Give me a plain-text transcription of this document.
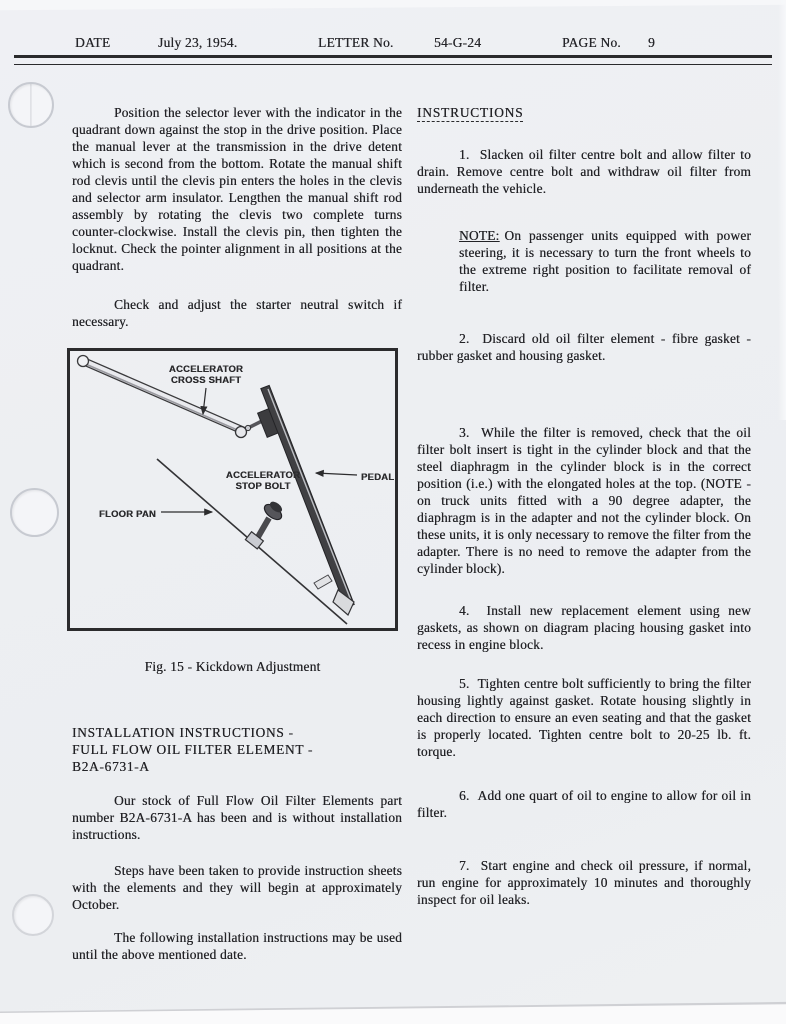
DATE	July 23, 1954.	LETTER No.	54-G-24	PAGE No. 9

Position the selector lever with the indicator in the quadrant down against the stop in the drive position. Place the manual lever at the transmission in the drive detent which is second from the bottom. Rotate the manual shift rod clevis until the clevis pin enters the holes in the clevis and selector arm insulator. Lengthen the manual shift rod assembly by rotating the clevis two complete turns counter-clockwise. Install the clevis pin, then tighten the locknut. Check the pointer alignment in all positions at the quadrant.

Check and adjust the starter neutral switch if necessary.

ACCELERATOR
CROSS SHAFT
ACCELERATOR
STOP BOLT
PEDAL
FLOOR PAN
Fig. 15 - Kickdown Adjustment
INSTALLATION INSTRUCTIONS -
FULL FLOW OIL FILTER ELEMENT -
B2A-6731-A

Our stock of Full Flow Oil Filter Elements part number B2A-6731-A has been and is without installation instructions.

Steps have been taken to provide instruction sheets with the elements and they will begin at approximately October.

The following installation instructions may be used until the above mentioned date.

INSTRUCTIONS

1.  Slacken oil filter centre bolt and allow filter to drain. Remove centre bolt and withdraw oil filter from underneath the vehicle.

NOTE: On passenger units equipped with power steering, it is necessary to turn the front wheels to the extreme right position to facilitate removal of filter.

2.  Discard old oil filter element - fibre gasket - rubber gasket and housing gasket.

3.  While the filter is removed, check that the oil filter bolt insert is tight in the cylinder block and that the steel diaphragm in the cylinder block is in the correct position (i.e.) with the elongated holes at the top. (NOTE - on truck units fitted with a 90 degree adapter, the diaphragm is in the adapter and not the cylinder block. On these units, it is only necessary to remove the filter from the adapter. There is no need to remove the adapter from the cylinder block).

4.  Install new replacement element using new gaskets, as shown on diagram placing housing gasket into recess in engine block.

5.  Tighten centre bolt sufficiently to bring the filter housing lightly against gasket. Rotate housing slightly in each direction to ensure an even seating and that the gasket is properly located. Tighten centre bolt to 20-25 lb. ft. torque.

6.  Add one quart of oil to engine to allow for oil in filter.

7.  Start engine and check oil pressure, if normal, run engine for approximately 10 minutes and thoroughly inspect for oil leaks.
